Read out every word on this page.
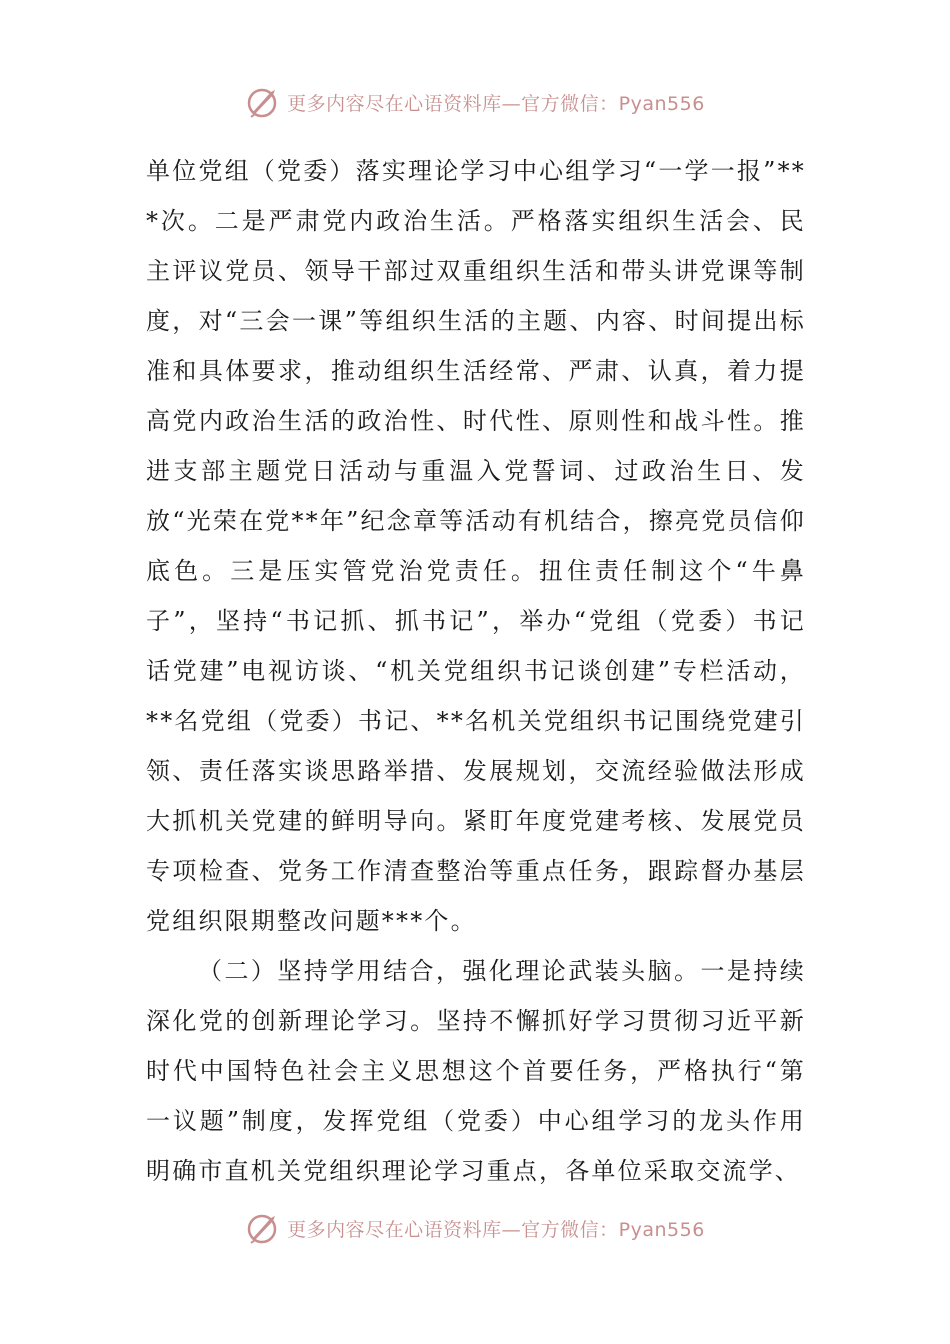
更多内容尽在心语资料库—官方微信：Pyan556

单位党组（党委）落实理论学习中心组学习“一学一报”***次。二是严肃党内政治生活。严格落实组织生活会、民主评议党员、领导干部过双重组织生活和带头讲党课等制度，对“三会一课”等组织生活的主题、内容、时间提出标准和具体要求，推动组织生活经常、严肃、认真，着力提高党内政治生活的政治性、时代性、原则性和战斗性。推进支部主题党日活动与重温入党誓词、过政治生日、发放“光荣在党**年”纪念章等活动有机结合，擦亮党员信仰底色。三是压实管党治党责任。扭住责任制这个“牛鼻子”，坚持“书记抓、抓书记”，举办“党组（党委）书记话党建”电视访谈、“机关党组织书记谈创建”专栏活动，**名党组（党委）书记、**名机关党组织书记围绕党建引领、责任落实谈思路举措、发展规划，交流经验做法形成大抓机关党建的鲜明导向。紧盯年度党建考核、发展党员专项检查、党务工作清查整治等重点任务，跟踪督办基层党组织限期整改问题***个。

（二）坚持学用结合，强化理论武装头脑。一是持续深化党的创新理论学习。坚持不懈抓好学习贯彻习近平新时代中国特色社会主义思想这个首要任务，严格执行“第一议题”制度，发挥党组（党委）中心组学习的龙头作用明确市直机关党组织理论学习重点，各单位采取交流学、

更多内容尽在心语资料库—官方微信：Pyan556
